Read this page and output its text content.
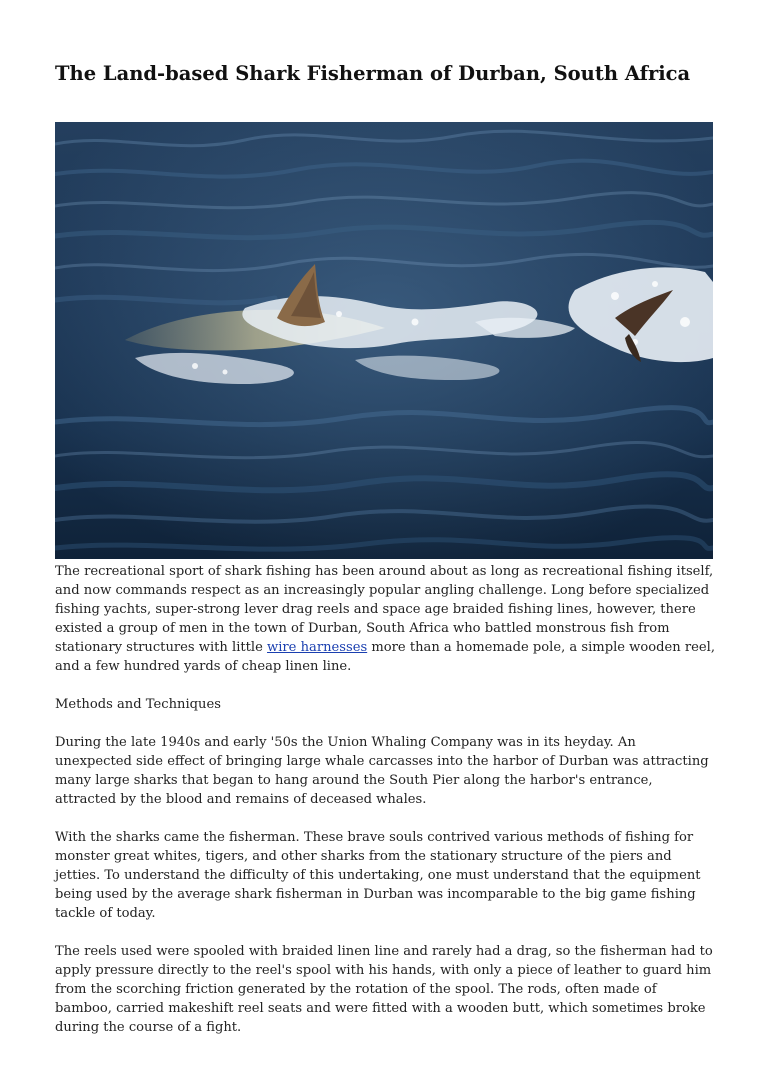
The Land-based Shark Fisherman of Durban, South Africa

The recreational sport of shark fishing has been around about as long as recreational fishing itself, and now commands respect as an increasingly popular angling challenge. Long before specialized fishing yachts, super-strong lever drag reels and space age braided fishing lines, however, there existed a group of men in the town of Durban, South Africa who battled monstrous fish from stationary structures with little wire harnesses more than a homemade pole, a simple wooden reel, and a few hundred yards of cheap linen line.

Methods and Techniques

During the late 1940s and early '50s the Union Whaling Company was in its heyday. An unexpected side effect of bringing large whale carcasses into the harbor of Durban was attracting many large sharks that began to hang around the South Pier along the harbor's entrance, attracted by the blood and remains of deceased whales.

With the sharks came the fisherman. These brave souls contrived various methods of fishing for monster great whites, tigers, and other sharks from the stationary structure of the piers and jetties. To understand the difficulty of this undertaking, one must understand that the equipment being used by the average shark fisherman in Durban was incomparable to the big game fishing tackle of today.

The reels used were spooled with braided linen line and rarely had a drag, so the fisherman had to apply pressure directly to the reel's spool with his hands, with only a piece of leather to guard him from the scorching friction generated by the rotation of the spool. The rods, often made of bamboo, carried makeshift reel seats and were fitted with a wooden butt, which sometimes broke during the course of a fight.
